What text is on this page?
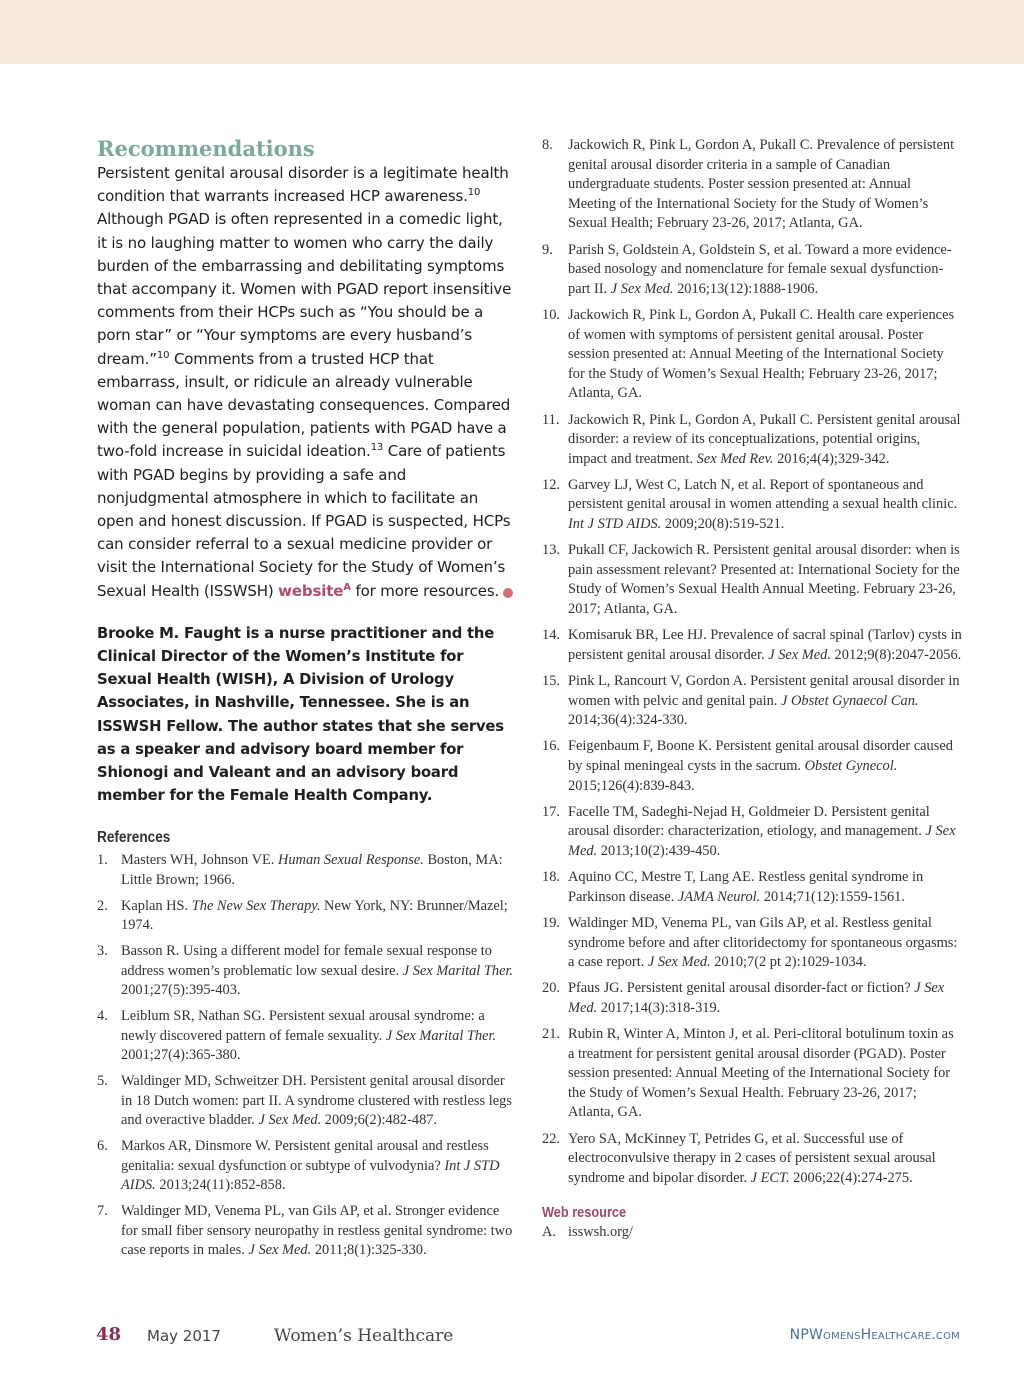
Recommendations

Persistent genital arousal disorder is a legitimate health condition that warrants increased HCP awareness.$^{10}$ Although PGAD is often represented in a comedic light, it is no laughing matter to women who carry the daily burden of the embarrassing and debilitating symptoms that accompany it. Women with PGAD report insensitive comments from their HCPs such as “You should be a porn star” or “Your symptoms are every husband’s dream.”$^{10}$ Comments from a trusted HCP that embarrass, insult, or ridicule an already vulnerable woman can have devastating consequences. Compared with the general population, patients with PGAD have a two-fold increase in suicidal ideation.$^{13}$ Care of patients with PGAD begins by providing a safe and nonjudgmental atmosphere in which to facilitate an open and honest discussion. If PGAD is suspected, HCPs can consider referral to a sexual medicine provider or visit the International Society for the Study of Women’s Sexual Health (ISSWSH) website$^A$ for more resources.

Brooke M. Faught is a nurse practitioner and the Clinical Director of the Women’s Institute for Sexual Health (WISH), A Division of Urology Associates, in Nashville, Tennessee. She is an ISSWSH Fellow. The author states that she serves as a speaker and advisory board member for Shionogi and Valeant and an advisory board member for the Female Health Company.

References
1. Masters WH, Johnson VE. Human Sexual Response. Boston, MA: Little Brown; 1966.
2. Kaplan HS. The New Sex Therapy. New York, NY: Brunner/Mazel; 1974.
3. Basson R. Using a different model for female sexual response to address women’s problematic low sexual desire. J Sex Marital Ther. 2001;27(5):395-403.
4. Leiblum SR, Nathan SG. Persistent sexual arousal syndrome: a newly discovered pattern of female sexuality. J Sex Marital Ther. 2001;27(4):365-380.
5. Waldinger MD, Schweitzer DH. Persistent genital arousal disorder in 18 Dutch women: part II. A syndrome clustered with restless legs and overactive bladder. J Sex Med. 2009;6(2):482-487.
6. Markos AR, Dinsmore W. Persistent genital arousal and restless genitalia: sexual dysfunction or subtype of vulvodynia? Int J STD AIDS. 2013;24(11):852-858.
7. Waldinger MD, Venema PL, van Gils AP, et al. Stronger evidence for small fiber sensory neuropathy in restless genital syndrome: two case reports in males. J Sex Med. 2011;8(1):325-330.
8.	Jackowich R, Pink L, Gordon A, Pukall C. Prevalence of persistent genital arousal disorder criteria in a sample of Canadian undergraduate students. Poster session presented at: Annual Meeting of the International Society for the Study of Women’s Sexual Health; February 23-26, 2017; Atlanta, GA.
9.	Parish S, Goldstein A, Goldstein S, et al. Toward a more evidence-based nosology and nomenclature for female sexual dysfunction-part II. J Sex Med. 2016;13(12):1888-1906.
10. Jackowich R, Pink L, Gordon A, Pukall C. Health care experiences of women with symptoms of persistent genital arousal. Poster session presented at: Annual Meeting of the International Society for the Study of Women’s Sexual Health; February 23-26, 2017; Atlanta, GA.
11. Jackowich R, Pink L, Gordon A, Pukall C. Persistent genital arousal disorder: a review of its conceptualizations, potential origins, impact and treatment. Sex Med Rev. 2016;4(4);329-342.
12. Garvey LJ, West C, Latch N, et al. Report of spontaneous and persistent genital arousal in women attending a sexual health clinic. Int J STD AIDS. 2009;20(8):519-521.
13. Pukall CF, Jackowich R. Persistent genital arousal disorder: when is pain assessment relevant? Presented at: International Society for the Study of Women’s Sexual Health Annual Meeting. February 23-26, 2017; Atlanta, GA.
14. Komisaruk BR, Lee HJ. Prevalence of sacral spinal (Tarlov) cysts in persistent genital arousal disorder. J Sex Med. 2012;9(8):2047-2056.
15. Pink L, Rancourt V, Gordon A. Persistent genital arousal disorder in women with pelvic and genital pain. J Obstet Gynaecol Can. 2014;36(4):324-330.
16. Feigenbaum F, Boone K. Persistent genital arousal disorder caused by spinal meningeal cysts in the sacrum. Obstet Gynecol. 2015;126(4):839-843.
17. Facelle TM, Sadeghi-Nejad H, Goldmeier D. Persistent genital arousal disorder: characterization, etiology, and management. J Sex Med. 2013;10(2):439-450.
18. Aquino CC, Mestre T, Lang AE. Restless genital syndrome in Parkinson disease. JAMA Neurol. 2014;71(12):1559-1561.
19. Waldinger MD, Venema PL, van Gils AP, et al. Restless genital syndrome before and after clitoridectomy for spontaneous orgasms: a case report. J Sex Med. 2010;7(2 pt 2):1029-1034.
20. Pfaus JG. Persistent genital arousal disorder-fact or fiction? J Sex Med. 2017;14(3):318-319.
21. Rubin R, Winter A, Minton J, et al. Peri-clitoral botulinum toxin as a treatment for persistent genital arousal disorder (PGAD). Poster session presented: Annual Meeting of the International Society for the Study of Women’s Sexual Health. February 23-26, 2017; Atlanta, GA.
22. Yero SA, McKinney T, Petrides G, et al. Successful use of electroconvulsive therapy in 2 cases of persistent sexual arousal syndrome and bipolar disorder. J ECT. 2006;22(4):274-275.
Web resource
A. isswsh.org/
48 May 2017	Women’s Healthcare	NPWomensHealthcare.com
